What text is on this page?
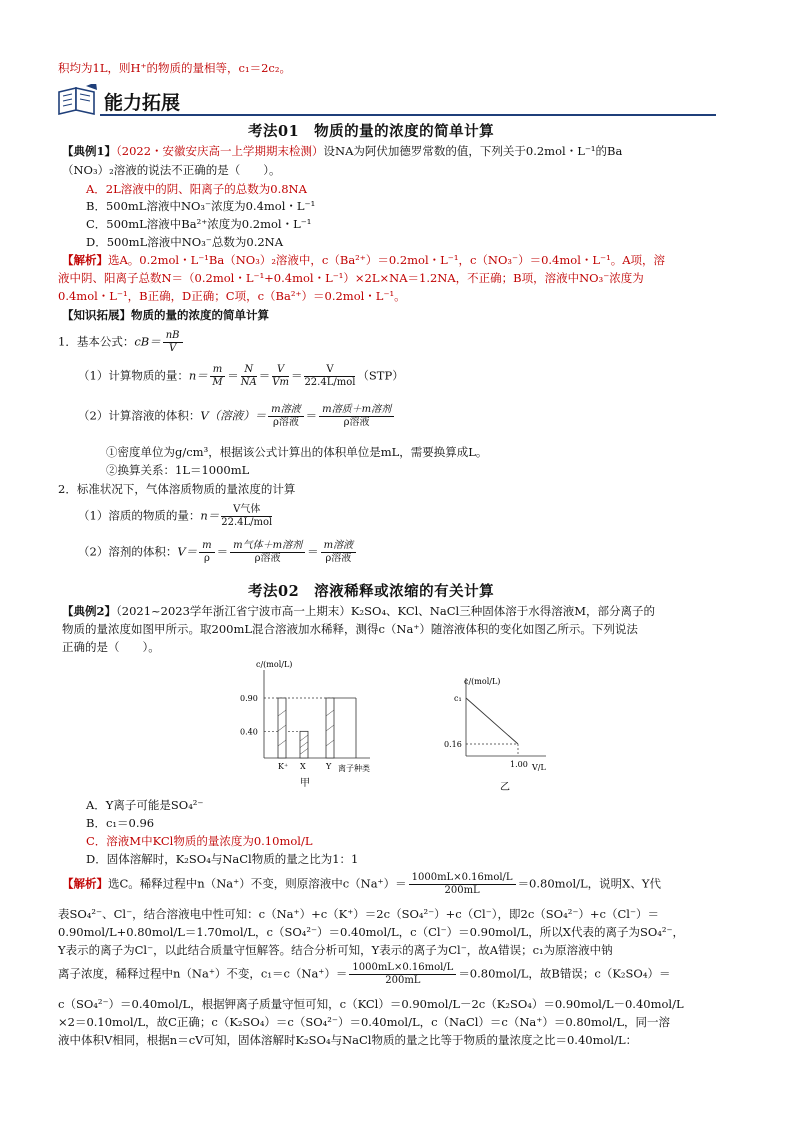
积均为1L，则H⁺的物质的量相等，c₁＝2c₂。
能力拓展
考法01　物质的量的浓度的简单计算
【典例1】（2022・安徽安庆高一上学期期末检测）设NA为阿伏加德罗常数的值，下列关于0.2mol・L⁻¹的Ba
（NO₃）₂溶液的说法不正确的是（　　）。
A．2L溶液中的阴、阳离子的总数为0.8NA
B．500mL溶液中NO₃⁻浓度为0.4mol・L⁻¹
C．500mL溶液中Ba²⁺浓度为0.2mol・L⁻¹
D．500mL溶液中NO₃⁻总数为0.2NA
【解析】选A。0.2mol・L⁻¹Ba（NO₃）₂溶液中，c（Ba²⁺）＝0.2mol・L⁻¹，c（NO₃⁻）＝0.4mol・L⁻¹。A项，溶
液中阴、阳离子总数N＝（0.2mol・L⁻¹+0.4mol・L⁻¹）×2L×NA＝1.2NA，不正确；B项，溶液中NO₃⁻浓度为
0.4mol・L⁻¹，B正确，D正确；C项，c（Ba²⁺）＝0.2mol・L⁻¹。
【知识拓展】物质的量的浓度的简单计算
1．基本公式：$cB= \frac{nB}{V}$
（1）计算物质的量：$n= \frac{m}{M} = \frac{N}{NA} = \frac{V}{Vm} = \frac{V}{\text{22.4L/mol}} (STP)$
（2）计算溶液的体积：V（溶液）＝ $\frac{\text{m溶液}}{\text{ρ溶液}} = \frac{\text{m溶质＋m溶剂}}{\text{ρ溶液}}$
①密度单位为g/cm³，根据该公式计算出的体积单位是mL，需要换算成L。
②换算关系：1L＝1000mL
2．标准状况下，气体溶质物质的量浓度的计算
（1）溶质的物质的量：$n= \frac{\text{V气体}}{\text{22.4L/mol}}$
（2）溶剂的体积：$V= \frac{m}{\rho} = \frac{\text{m气体＋m溶剂}}{\text{ρ溶液}} = \frac{\text{m溶液}}{\text{ρ溶液}}$
考法02　溶液稀释或浓缩的有关计算
【典例2】（2021~2023学年浙江省宁波市高一上期末）K₂SO₄、KCl、NaCl三种固体溶于水得溶液M，部分离子的
物质的量浓度如图甲所示。取200mL混合溶液加水稀释，测得c（Na⁺）随溶液体积的变化如图乙所示。下列说法
正确的是（　　）。
c/(mol/L)
离子种类
0.90
0.40
K⁺ X	Y
甲
c/(mol/L)
V/L
c₁
0.16
1.00
乙
A．Y离子可能是SO₄²⁻
B．c₁＝0.96
C．溶液M中KCl物质的量浓度为0.10mol/L
D．固体溶解时，K₂SO₄与NaCl物质的量之比为1：1
【解析】选C。稀释过程中n（Na⁺）不变，则原溶液中$c(Na^+)= \frac{\text{1000mL×0.16mol/L}}{200mL} =0.80mol/L$，说明X、Y代
表SO₄²⁻、Cl⁻，结合溶液电中性可知：c（Na⁺）+c（K⁺）＝2c（SO₄²⁻）+c（Cl⁻），即2c（SO₄²⁻）+c（Cl⁻）＝
0.90mol/L+0.80mol/L＝1.70mol/L，c（SO₄²⁻）＝0.40mol/L，c（Cl⁻）＝0.90mol/L，所以X代表的离子为SO₄²⁻，
Y表示的离子为Cl⁻，以此结合质量守恒解答。结合分析可知，Y表示的离子为Cl⁻，故A错误；c₁为原溶液中钠
离子浓度，稀释过程中n（Na⁺）不变，$c_1=c(Na^+)= \frac{\text{1000mL×0.16mol/L}}{200mL} =0.80mol/L$，故B错误；c（K₂SO₄）＝
c（SO₄²⁻）＝0.40mol/L，根据钾离子质量守恒可知，c（KCl）＝0.90mol/L－2c（K₂SO₄）＝0.90mol/L－0.40mol/L
×2＝0.10mol/L，故C正确；c（K₂SO₄）＝c（SO₄²⁻）＝0.40mol/L，c（NaCl）＝c（Na⁺）＝0.80mol/L，同一溶
液中体积V相同，根据n＝cV可知，固体溶解时K₂SO₄与NaCl物质的量之比等于物质的量浓度之比＝0.40mol/L：
